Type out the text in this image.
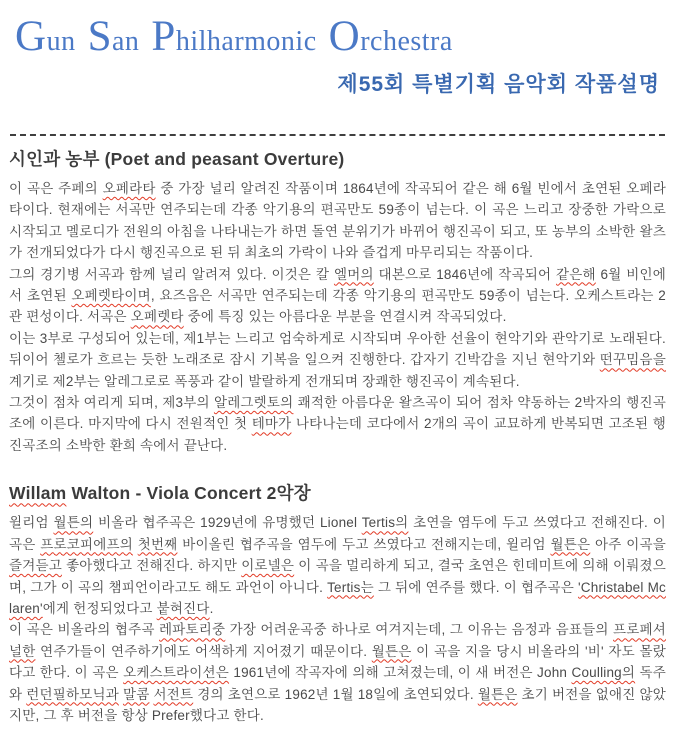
Gun San Philharmonic Orchestra
제55회 특별기획 음악회 작품설명
시인과 농부 (Poet and peasant Overture)

이 곡은 주페의 오페라타 중 가장 널리 알려진 작품이며 1864년에 작곡되어 같은 해 6월 빈에서 초연된 오페라타이다. 현재에는 서곡만 연주되는데 각종 악기용의 편곡만도 59종이 넘는다. 이 곡은 느리고 장중한 가락으로 시작되고 멜로디가 전원의 아침을 나타내는가 하면 돌연 분위기가 바뀌어 행진곡이 되고, 또 농부의 소박한 왈츠가 전개되었다가 다시 행진곡으로 된 뒤 최초의 가락이 나와 즐겁게 마무리되는 작품이다.

그의 경기병 서곡과 함께 널리 알려져 있다. 이것은 칼 엘머의 대본으로 1846년에 작곡되어 같은해 6월 비인에서 초연된 오페렛타이며, 요즈음은 서곡만 연주되는데 각종 악기용의 편곡만도 59종이 넘는다. 오케스트라는 2관 편성이다. 서곡은 오페렛타 중에 특징 있는 아름다운 부분을 연결시켜 작곡되었다.

이는 3부로 구성되어 있는데, 제1부는 느리고 엄숙하게로 시작되며 우아한 선율이 현악기와 관악기로 노래된다. 뒤이어 첼로가 흐르는 듯한 노래조로 잠시 기복을 일으켜 진행한다. 갑자기 긴박감을 지닌 현악기와 떤꾸밈음을 계기로 제2부는 알레그로로 폭풍과 같이 발랄하게 전개되며 장쾌한 행진곡이 계속된다.

그것이 점차 여리게 되며, 제3부의 알레그렛토의 쾌적한 아름다운 왈츠곡이 되어 점차 약동하는 2박자의 행진곡조에 이른다. 마지막에 다시 전원적인 첫 테마가 나타나는데 코다에서 2개의 곡이 교묘하게 반복되면 고조된 행진곡조의 소박한 환희 속에서 끝난다.

Willam Walton - Viola Concert 2악장

윌리엄 월튼의 비올라 협주곡은 1929년에 유명했던 Lionel Tertis의 초연을 염두에 두고 쓰였다고 전해진다. 이 곡은 프로코피에프의 첫번째 바이올린 협주곡을 염두에 두고 쓰였다고 전해지는데, 윌리엄 월튼은 아주 이곡을 즐겨듣고 좋아했다고 전해진다. 하지만 이로넬은 이 곡을 멀리하게 되고, 결국 초연은 힌데미트에 의해 이뤄졌으며, 그가 이 곡의 챔피언이라고도 해도 과언이 아니다. Tertis는 그 뒤에 연주를 했다. 이 협주곡은 'Christabel Mclaren'에게 헌정되었다고 붙혀진다.

이 곡은 비올라의 협주곡 레파토리중 가장 어려운곡중 하나로 여겨지는데, 그 이유는 음정과 음표들의 프로페셔널한 연주가들이 연주하기에도 어색하게 지어졌기 때문이다. 월튼은 이 곡을 지을 당시 비올라의 '비' 자도 몰랐다고 한다. 이 곡은 오케스트라이션은 1961년에 작곡자에 의해 고쳐졌는데, 이 새 버전은 John Coulling의 독주와 런던필하모닉과 말콤 서전트 경의 초연으로 1962년 1월 18일에 초연되었다. 월튼은 초기 버전을 없애진 않았지만, 그 후 버전을 항상 Prefer했다고 한다.
